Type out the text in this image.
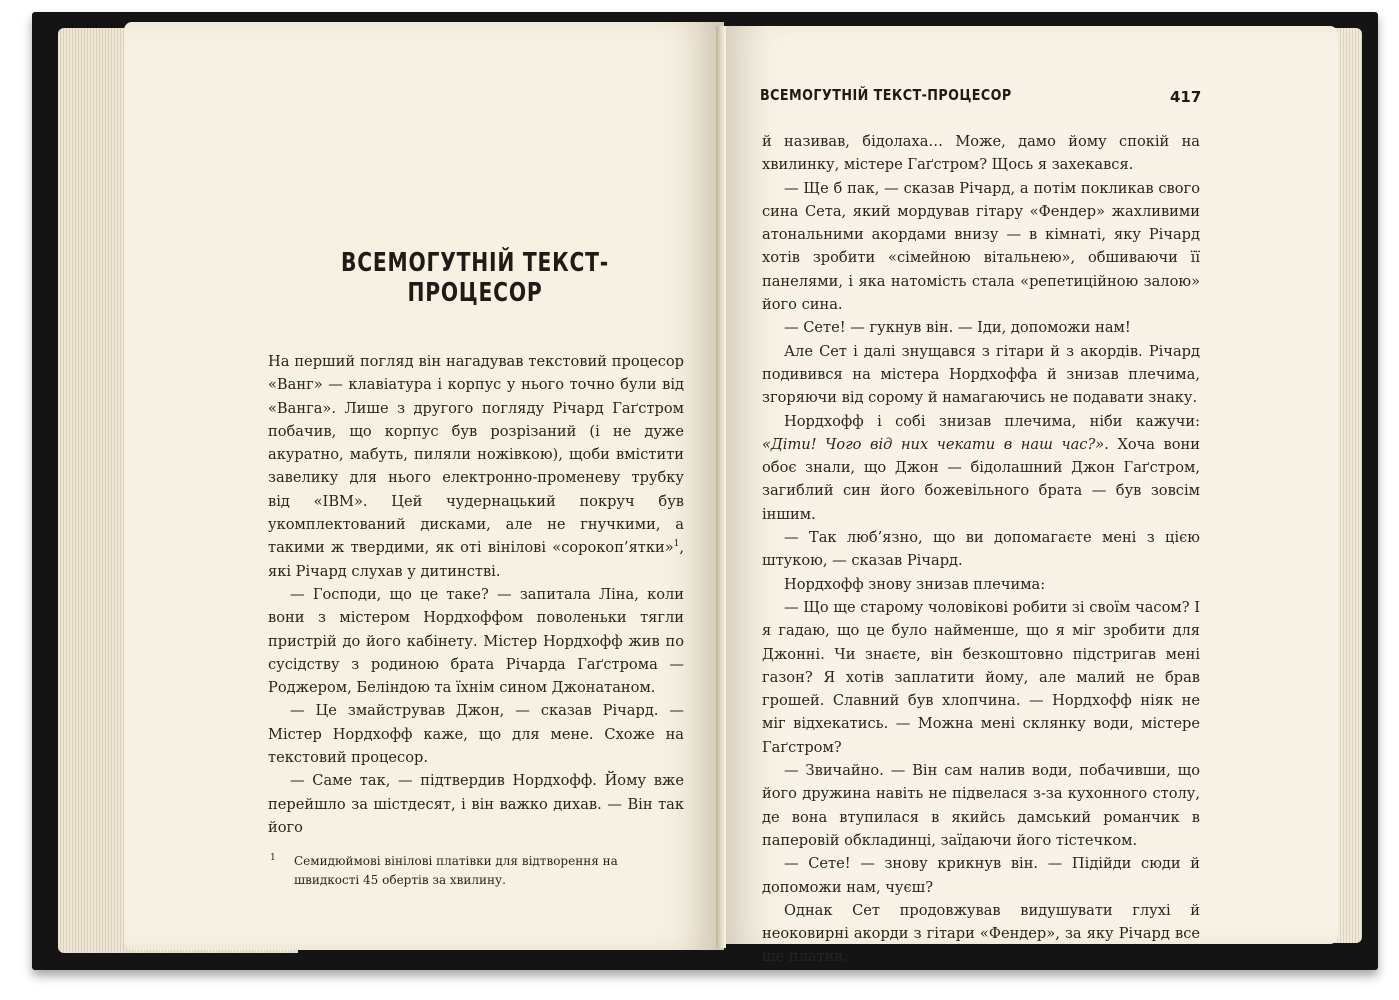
ВСЕМОГУТНІЙ ТЕКСТ-ПРОЦЕСОР

На перший погляд він нагадував текстовий процесор «Ванг» — клавіатура і корпус у нього точно були від «Ванга». Лише з другого погляду Річард Гаґстром побачив, що корпус був розрізаний (і не дуже акуратно, мабуть, пиляли ножівкою), щоби вмістити завелику для нього електронно-променеву трубку від «IBM». Цей чудернацький покруч був укомплектований дисками, але не гнучкими, а такими ж твердими, як оті вінілові «сорокоп’ятки»$^1$, які Річард слухав у дитинстві.

— Господи, що це таке? — запитала Ліна, коли вони з містером Нордхоффом поволеньки тягли пристрій до його кабінету. Містер Нордхофф жив по сусідству з родиною брата Річарда Гаґстрома — Роджером, Беліндою та їхнім сином Джонатаном.

— Це змайстрував Джон, — сказав Річард. — Містер Нордхофф каже, що для мене. Схоже на текстовий процесор.

— Саме так, — підтвердив Нордхофф. Йому вже перейшло за шістдесят, і він важко дихав. — Він так його

1 Семидюймові вінілові платівки для відтворення на швидкості 45 обертів за хвилину.
ВСЕМОГУТНІЙ ТЕКСТ-ПРОЦЕСОР	417

й називав, бідолаха… Може, дамо йому спокій на хвилинку, містере Гаґстром? Щось я захекався.

— Ще б пак, — сказав Річард, а потім покликав свого сина Сета, який мордував гітару «Фендер» жахливими атональними акордами внизу — в кімнаті, яку Річард хотів зробити «сімейною вітальнею», обшиваючи її панелями, і яка натомість стала «репетиційною залою» його сина.

— Сете! — гукнув він. — Іди, допоможи нам!

Але Сет і далі знущався з гітари й з акордів. Річард подивився на містера Нордхоффа й знизав плечима, згоряючи від сорому й намагаючись не подавати знаку.

Нордхофф і собі знизав плечима, ніби кажучи: «Діти! Чого від них чекати в наш час?». Хоча вони обоє знали, що Джон — бідолашний Джон Гаґстром, загиблий син його божевільного брата — був зовсім іншим.

— Так люб’язно, що ви допомагаєте мені з цією штукою, — сказав Річард.

Нордхофф знову знизав плечима:

— Що ще старому чоловікові робити зі своїм часом? І я гадаю, що це було найменше, що я міг зробити для Джонні. Чи знаєте, він безкоштовно підстригав мені газон? Я хотів заплатити йому, але малий не брав грошей. Славний був хлопчина. — Нордхофф ніяк не міг відхекатись. — Можна мені склянку води, містере Гаґстром?

— Звичайно. — Він сам налив води, побачивши, що його дружина навіть не підвелася з-за кухонного столу, де вона втупилася в якийсь дамський романчик в паперовій обкладинці, заїдаючи його тістечком.

— Сете! — знову крикнув він. — Підійди сюди й допоможи нам, чуєш?

Однак Сет продовжував видушувати глухі й неоковирні акорди з гітари «Фендер», за яку Річард все ще платив.
